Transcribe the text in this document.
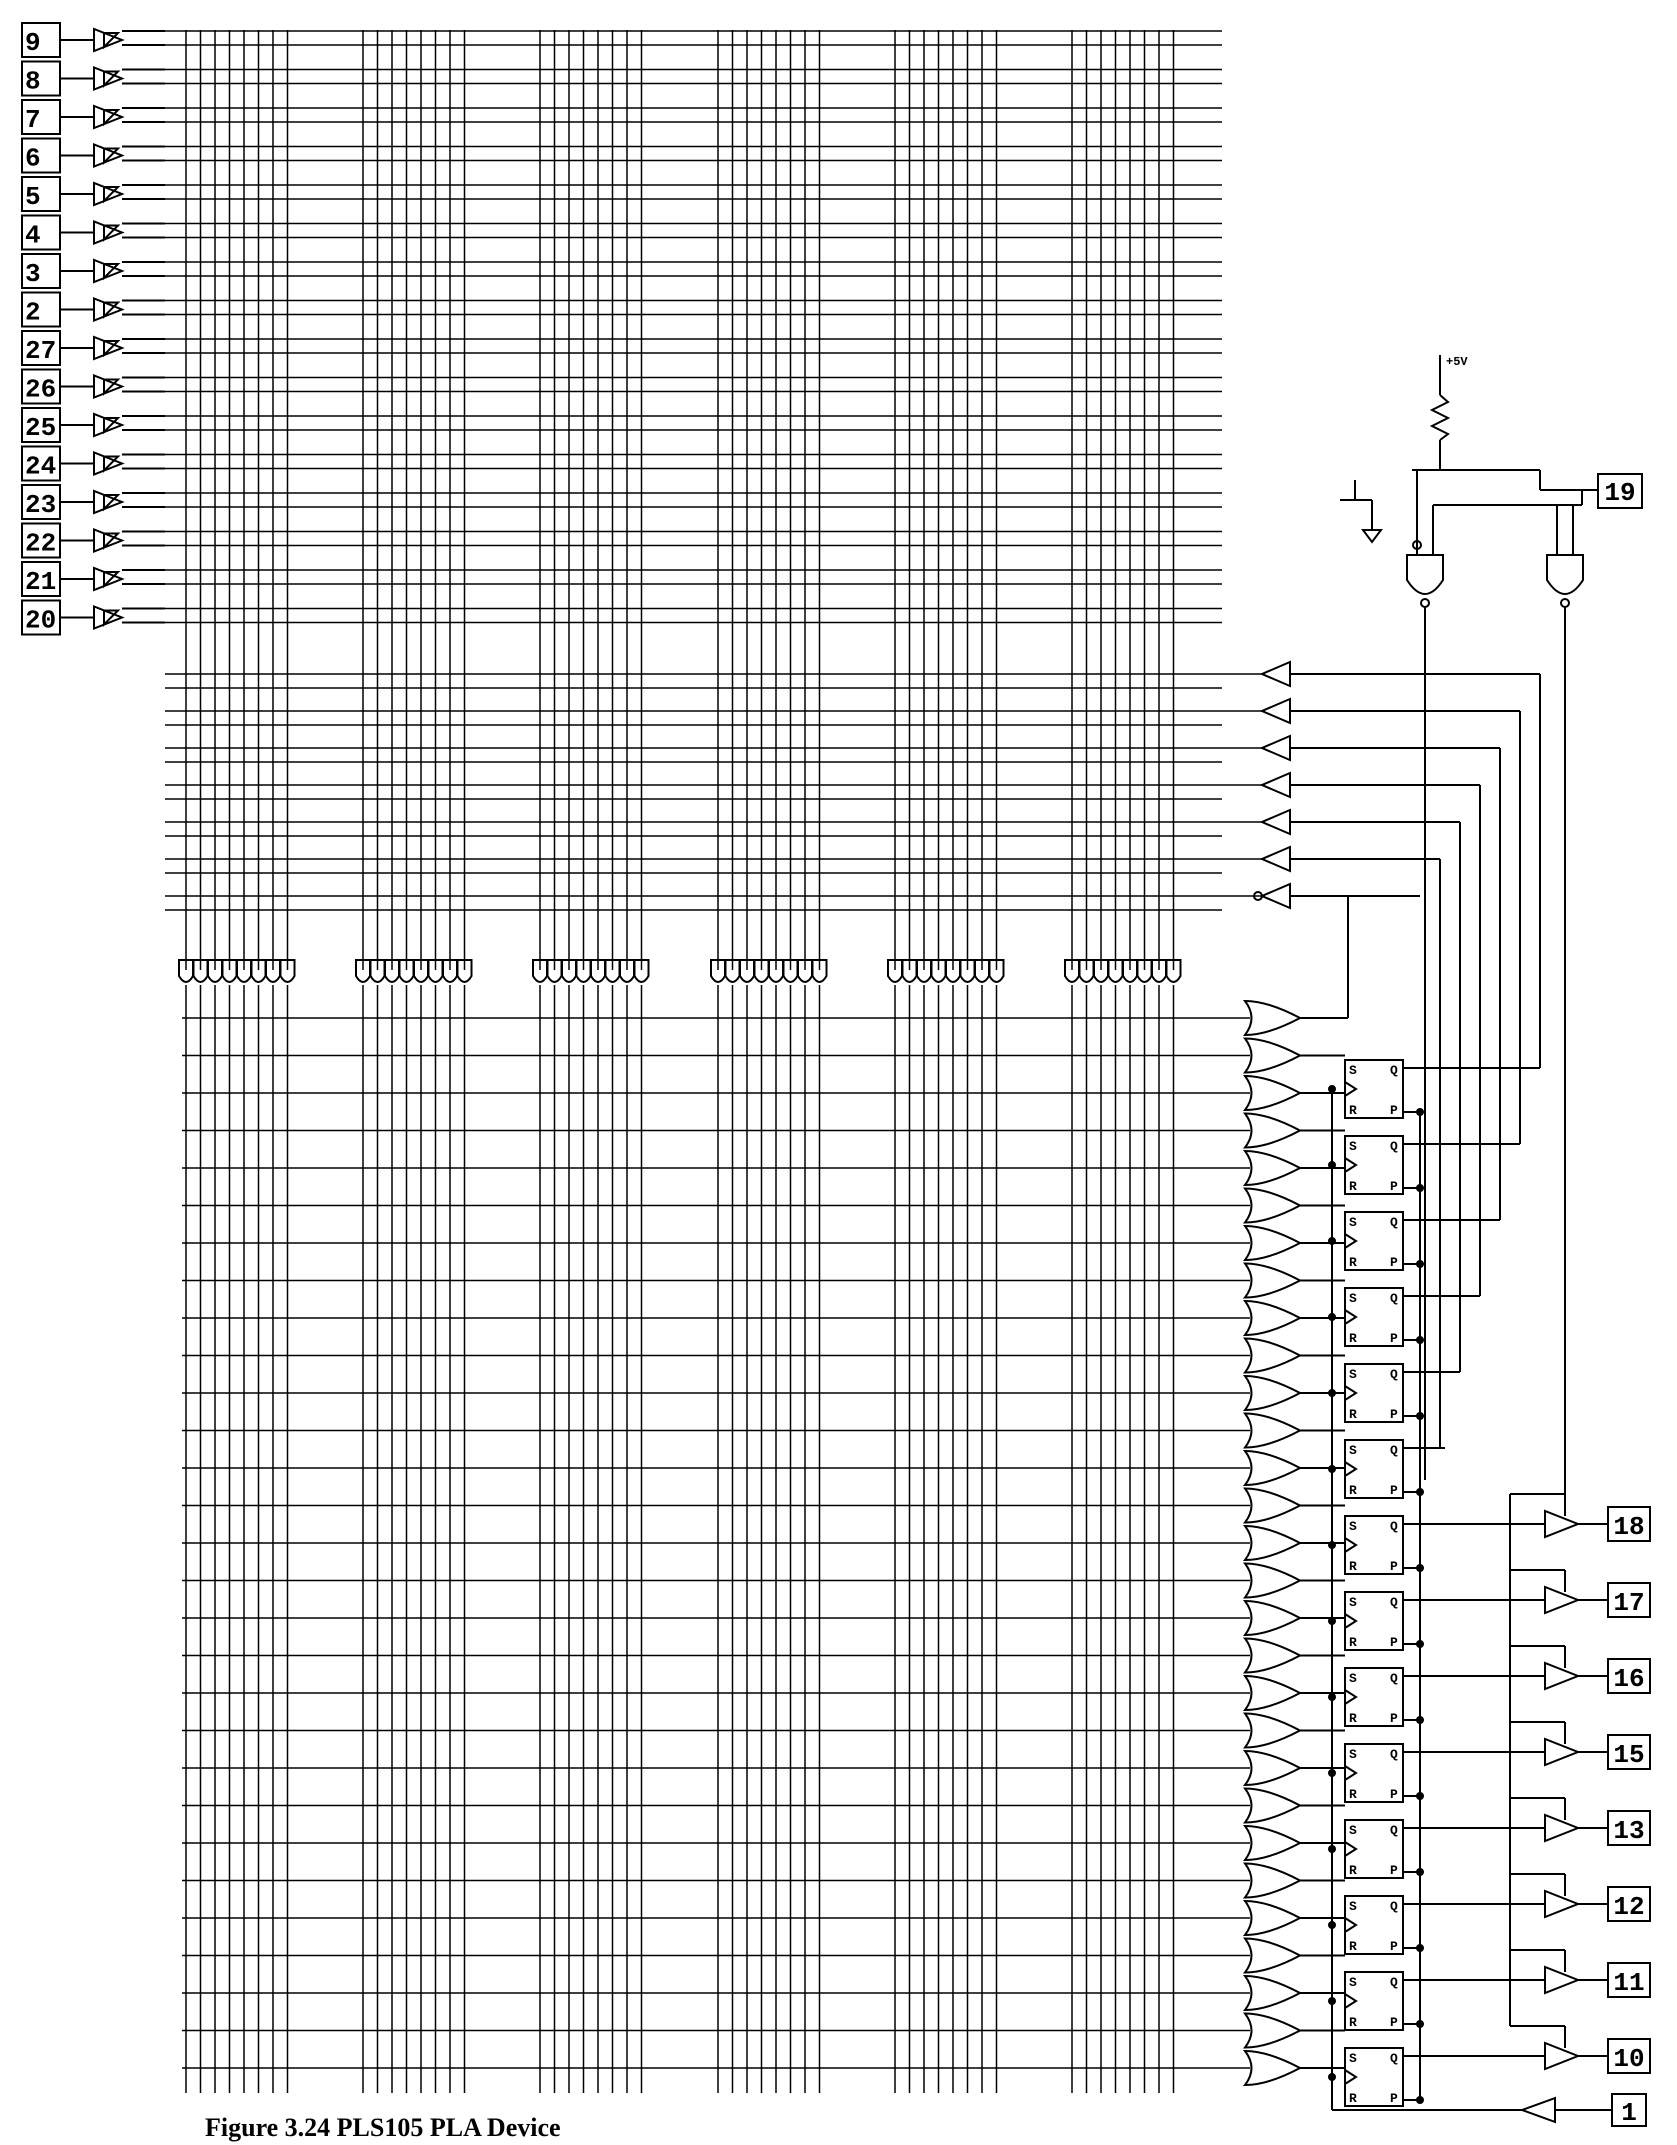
9
8
7
6
5
4
3
2
27
26
25
24
23
22
21
20
S
R
Q
P
S
R
Q
P
S
R
Q
P
S
R
Q
P
S
R
Q
P
S
R
Q
P
S
R
Q
P
S
R
Q
P
S
R
Q
P
S
R
Q
P
S
R
Q
P
S
R
Q
P
S
R
Q
P
S
R
Q
P
18
17
16
15
13
12
11
10
+5V
19
1
Figure 3.24 PLS105 PLA Device
